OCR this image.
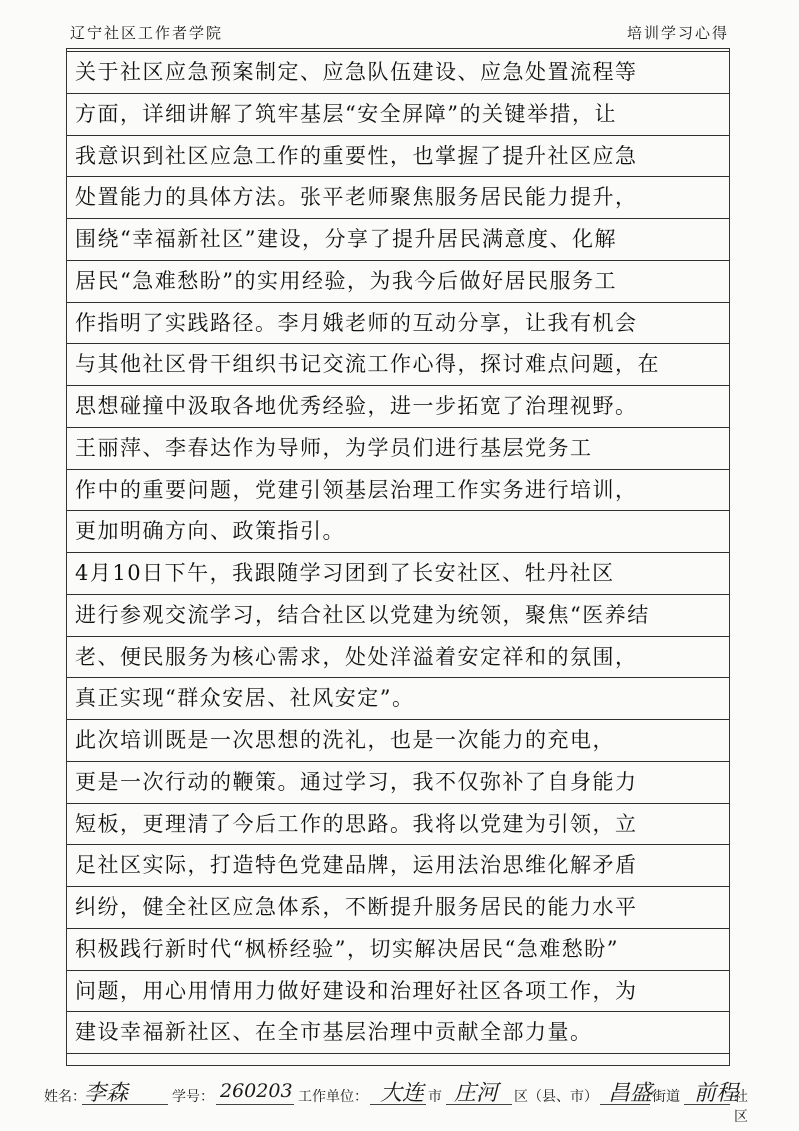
辽宁社区工作者学院	培训学习心得
关于社区应急预案制定、应急队伍建设、应急处置流程等
方面，详细讲解了筑牢基层“安全屏障”的关键举措，让
我意识到社区应急工作的重要性，也掌握了提升社区应急
处置能力的具体方法。张平老师聚焦服务居民能力提升，
围绕“幸福新社区”建设，分享了提升居民满意度、化解
居民“急难愁盼”的实用经验，为我今后做好居民服务工
作指明了实践路径。李月娥老师的互动分享，让我有机会
与其他社区骨干组织书记交流工作心得，探讨难点问题，在
思想碰撞中汲取各地优秀经验，进一步拓宽了治理视野。
王丽萍、李春达作为导师，为学员们进行基层党务工
作中的重要问题，党建引领基层治理工作实务进行培训，
更加明确方向、政策指引。
4月10日下午，我跟随学习团到了长安社区、牡丹社区
进行参观交流学习，结合社区以党建为统领，聚焦“医养结
老、便民服务为核心需求，处处洋溢着安定祥和的氛围，
真正实现“群众安居、社风安定”。
此次培训既是一次思想的洗礼，也是一次能力的充电，
更是一次行动的鞭策。通过学习，我不仅弥补了自身能力
短板，更理清了今后工作的思路。我将以党建为引领，立
足社区实际，打造特色党建品牌，运用法治思维化解矛盾
纠纷，健全社区应急体系，不断提升服务居民的能力水平
积极践行新时代“枫桥经验”，切实解决居民“急难愁盼”
问题，用心用情用力做好建设和治理好社区各项工作，为
建设幸福新社区、在全市基层治理中贡献全部力量。
姓名：
李森	学号： 260203 工作单位： 大连 市 庄河 区（县、市） 昌盛 街道 前程
社区
